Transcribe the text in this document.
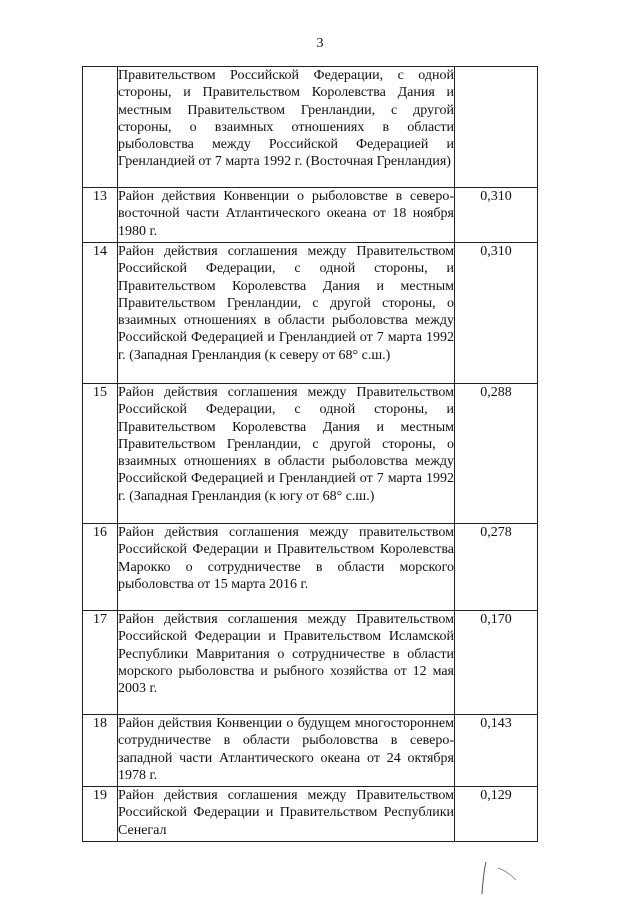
3
	Правительством Российской Федерации, с одной стороны, и Правительством Королевства Дания и местным Правительством Гренландии, с другой стороны, о взаимных отношениях в области рыболовства между Российской Федерацией и Гренландией от 7 марта 1992 г. (Восточная Гренландия)	
13	Район действия Конвенции о рыболовстве в северо-восточной части Атлантического океана от 18 ноября 1980 г.	0,310
14	Район действия соглашения между Правительством Российской Федерации, с одной стороны, и Правительством Королевства Дания и местным Правительством Гренландии, с другой стороны, о взаимных отношениях в области рыболовства между Российской Федерацией и Гренландией от 7 марта 1992 г. (Западная Гренландия (к северу от 68° с.ш.)	0,310
15	Район действия соглашения между Правительством Российской Федерации, с одной стороны, и Правительством Королевства Дания и местным Правительством Гренландии, с другой стороны, о взаимных отношениях в области рыболовства между Российской Федерацией и Гренландией от 7 марта 1992 г. (Западная Гренландия (к югу от 68° с.ш.)	0,288
16	Район действия соглашения между правительством Российской Федерации и Правительством Королевства Марокко о сотрудничестве в области морского рыболовства от 15 марта 2016 г.	0,278
17	Район действия соглашения между Правительством Российской Федерации и Правительством Исламской Республики Мавритания о сотрудничестве в области морского рыболовства и рыбного хозяйства от 12 мая 2003 г.	0,170
18	Район действия Конвенции о будущем многостороннем сотрудничестве в области рыболовства в северо-западной части Атлантического океана от 24 октября 1978 г.	0,143
19	Район действия соглашения между Правительством Российской Федерации и Правительством Республики Сенегал	0,129
